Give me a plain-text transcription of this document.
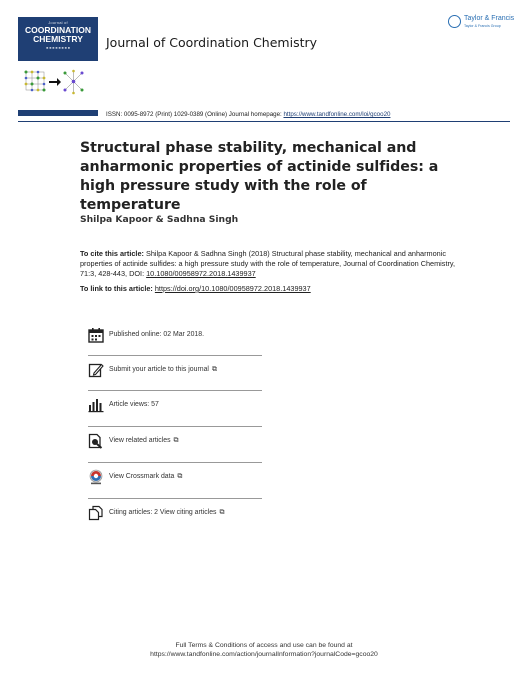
Journal of
COORDINATION
CHEMISTRY
■ ■ ■ ■ ■ ■ ■ ■	Journal of Coordination Chemistry
Taylor & Francis
Taylor & Francis Group
ISSN: 0095-8972 (Print) 1029-0389 (Online) Journal homepage: https://www.tandfonline.com/loi/gcoo20
Structural phase stability, mechanical and anharmonic properties of actinide sulfides: a high pressure study with the role of temperature
Shilpa Kapoor & Sadhna Singh
To cite this article: Shilpa Kapoor & Sadhna Singh (2018) Structural phase stability, mechanical and anharmonic properties of actinide sulfides: a high pressure study with the role of temperature, Journal of Coordination Chemistry, 71:3, 428-443, DOI: 10.1080/00958972.2018.1439937
To link to this article: https://doi.org/10.1080/00958972.2018.1439937
Published online: 02 Mar 2018.
Submit your article to this journal ⧉
Article views: 57
View related articles ⧉
View Crossmark data ⧉
Citing articles: 2 View citing articles ⧉
Full Terms & Conditions of access and use can be found at
https://www.tandfonline.com/action/journalInformation?journalCode=gcoo20
